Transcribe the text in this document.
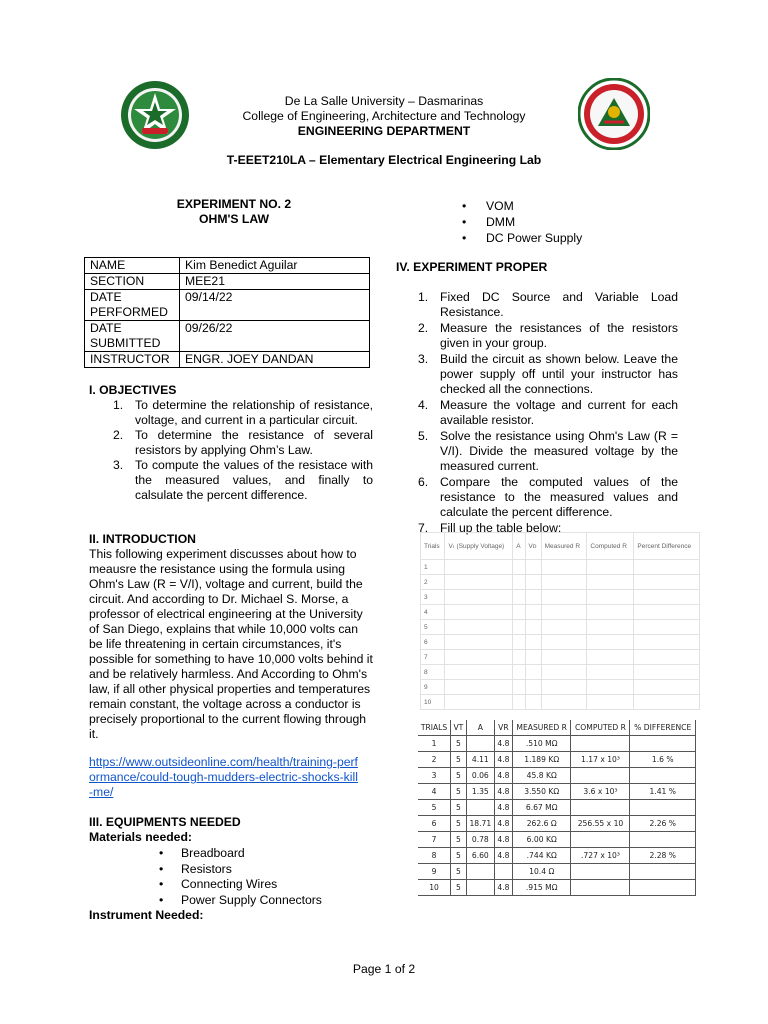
De La Salle University – Dasmarinas

College of Engineering, Architecture and Technology

ENGINEERING DEPARTMENT

T-EEET210LA – Elementary Electrical Engineering Lab

EXPERIMENT NO. 2

OHM'S LAW

NAME	Kim Benedict Aguilar
SECTION	MEE21
DATE PERFORMED	09/14/22
DATE SUBMITTED	09/26/22
INSTRUCTOR	ENGR. JOEY DANDAN
I. OBJECTIVES
1. To determine the relationship of resistance, voltage, and current in a particular circuit.
2. To determine the resistance of several resistors by applying Ohm’s Law.
3. To compute the values of the resistace with the measured values, and finally to calsulate the percent difference.
II. INTRODUCTION

This following experiment discusses about how to meausre the resistance using the formula using Ohm's Law (R = V/I), voltage and current, build the circuit. And according to Dr. Michael S. Morse, a professor of electrical engineering at the University of San Diego, explains that while 10,000 volts can be life threatening in certain circumstances, it's possible for something to have 10,000 volts behind it and be relatively harmless. And According to Ohm's law, if all other physical properties and temperatures remain constant, the voltage across a conductor is precisely proportional to the current flowing through it.

https://www.outsideonline.com/health/training-performance/could-tough-mudders-electric-shocks-kill-me/
III. EQUIPMENTS NEEDED
Materials needed:
• Breadboard
• Resistors
• Connecting Wires
• Power Supply Connectors
Instrument Needed:
• VOM
• DMM
• DC Power Supply
IV. EXPERIMENT PROPER
1. Fixed DC Source and Variable Load Resistance.
2. Measure the resistances of the resistors given in your group.
3. Build the circuit as shown below. Leave the power supply off until your instructor has checked all the connections.
4. Measure the voltage and current for each available resistor.
5. Solve the resistance using Ohm's Law (R = V/I). Divide the measured voltage by the measured current.
6. Compare the computed values of the resistance to the measured values and calculate the percent difference.
7. Fill up the table below:
Trials	Vₜ (Supply Voltage)	A	Vᴅ	Measured R	Computed R	Percent Difference
1						
2						
3						
4						
5						
6						
7						
8						
9						
10						
TRIALS	VT	A	VR	MEASURED R	COMPUTED R	% DIFFERENCE
1	5		4.8	.510 MΩ		
2	5	4.11	4.8	1.189 KΩ	1.17 x 10³	1.6 %
3	5	0.06	4.8	45.8 KΩ		
4	5	1.35	4.8	3.550 KΩ	3.6 x 10³	1.41 %
5	5		4.8	6.67 MΩ		
6	5	18.71	4.8	262.6 Ω	256.55 x 10	2.26 %
7	5	0.78	4.8	6.00 KΩ		
8	5	6.60	4.8	.744 KΩ	.727 x 10³	2.28 %
9	5			10.4 Ω		
10	5		4.8	.915 MΩ		
Page 1 of 2
